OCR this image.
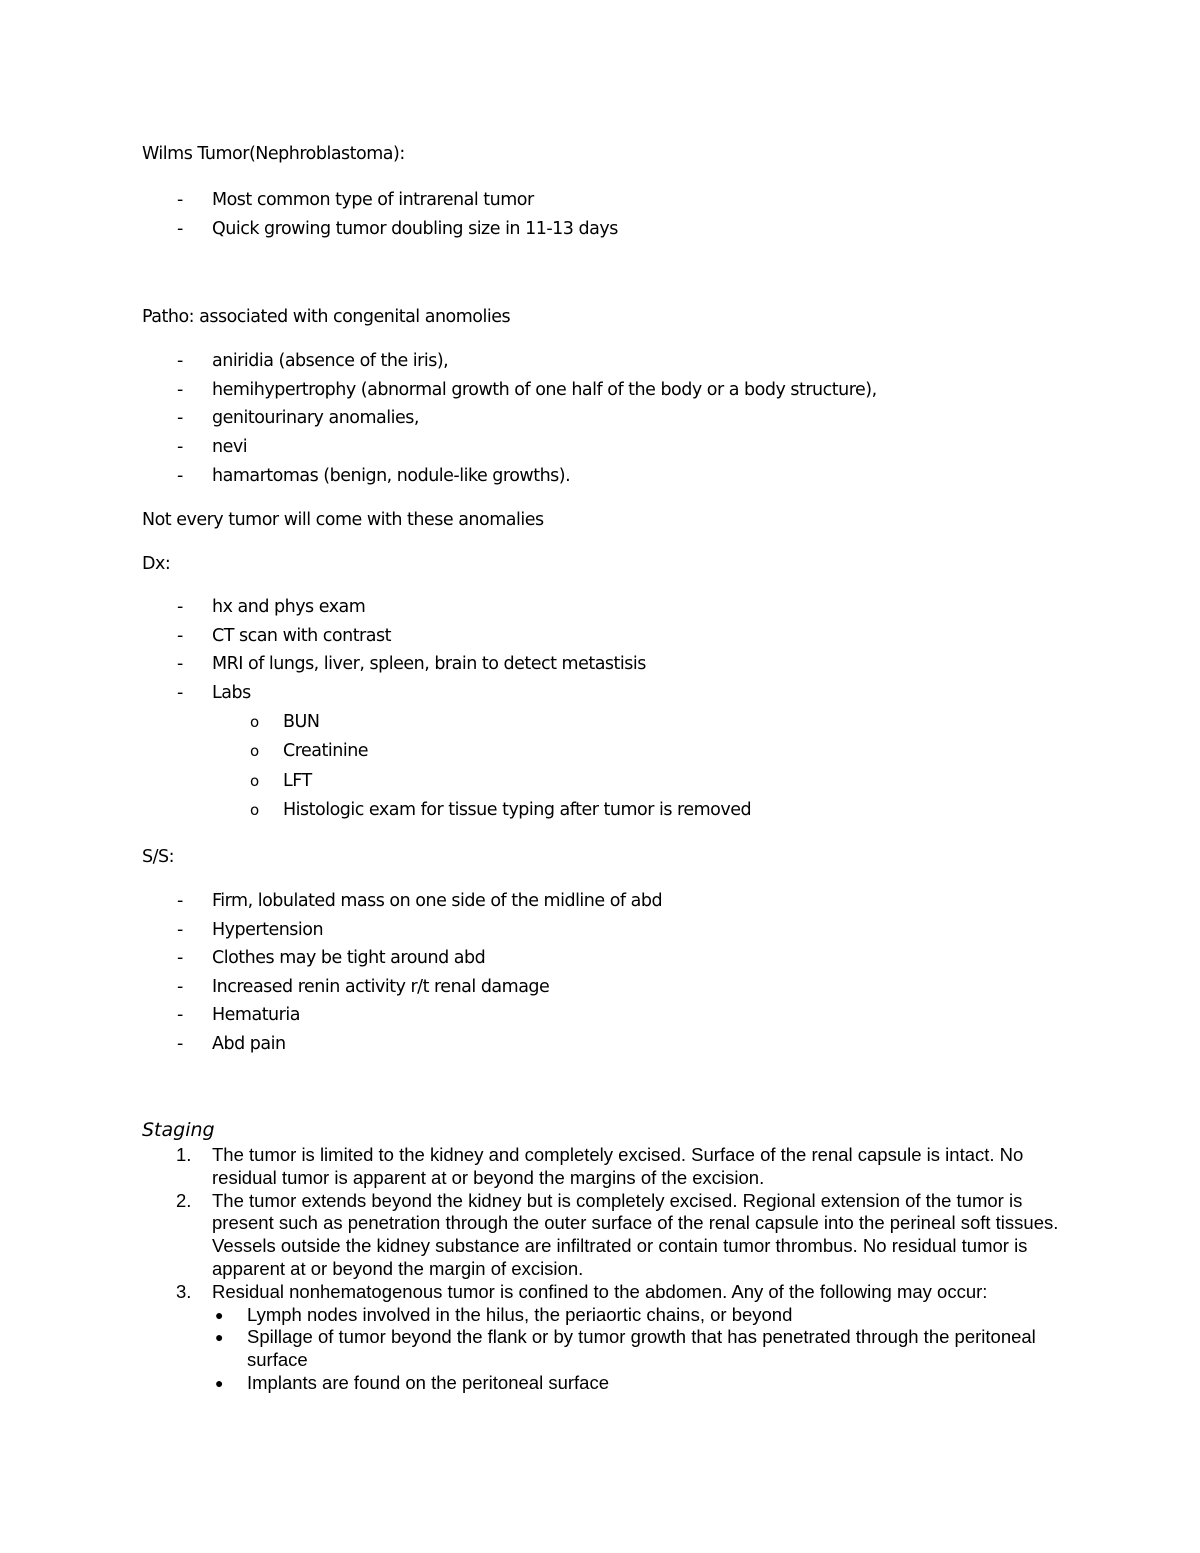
Wilms Tumor(Nephroblastoma):
-	Most common type of intrarenal tumor
-	Quick growing tumor doubling size in 11-13 days
Patho: associated with congenital anomolies
-	aniridia (absence of the iris),
-	hemihypertrophy (abnormal growth of one half of the body or a body structure),
-	genitourinary anomalies,
-	nevi
-	hamartomas (benign, nodule-like growths).
Not every tumor will come with these anomalies
Dx:
-	hx and phys exam
-	CT scan with contrast
-	MRI of lungs, liver, spleen, brain to detect metastisis
-	Labs
o BUN
o Creatinine
o LFT
o Histologic exam for tissue typing after tumor is removed
S/S:
-	Firm, lobulated mass on one side of the midline of abd
-	Hypertension
-	Clothes may be tight around abd
-	Increased renin activity r/t renal damage
-	Hematuria
-	Abd pain
Staging
1. The tumor is limited to the kidney and completely excised. Surface of the renal capsule is intact. No residual tumor is apparent at or beyond the margins of the excision.
2. The tumor extends beyond the kidney but is completely excised. Regional extension of the tumor is present such as penetration through the outer surface of the renal capsule into the perineal soft tissues. Vessels outside the kidney substance are infiltrated or contain tumor thrombus. No residual tumor is apparent at or beyond the margin of excision.
3. Residual nonhematogenous tumor is confined to the abdomen. Any of the following may occur:
● Lymph nodes involved in the hilus, the periaortic chains, or beyond
● Spillage of tumor beyond the flank or by tumor growth that has penetrated through the peritoneal surface
● Implants are found on the peritoneal surface
